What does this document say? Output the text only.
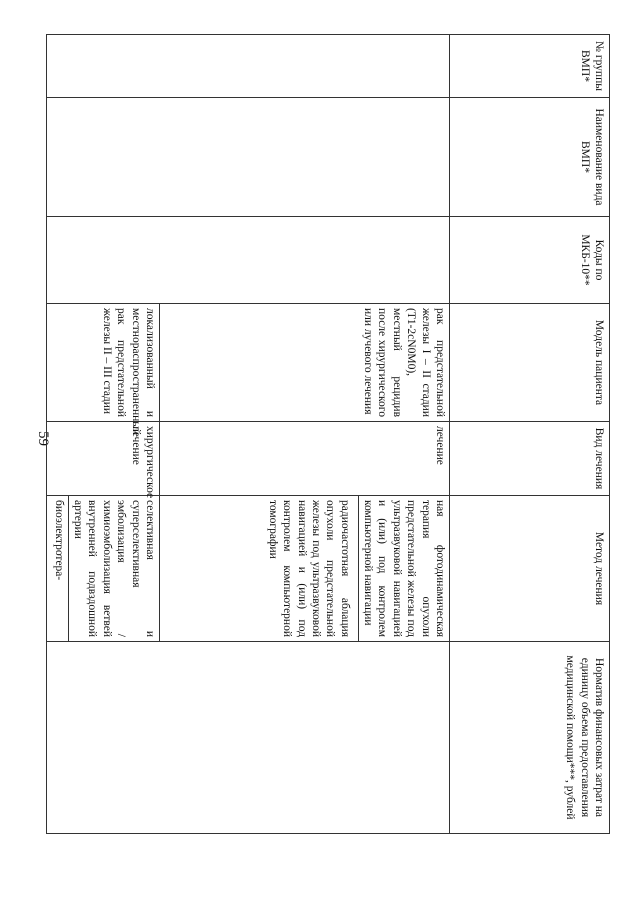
59
№ группы ВМП*	Наименование вида ВМП*	Коды по МКБ-10**	Модель пациента	Вид лечения	Метод лечения	Норматив финансовых затрат на единицу объема предоставления медицинской помощи***, рублей
			рак предстательной железы I – II стадии (T1-2cN0M0), местный рецидив после хирургического или лучевого лечения	лечение	ная фотодинамическая терапия опухоли предстательной железы под ультразвуковой навигацией и (или) под контролем компьютерной навигации
радиочастотная аблация опухоли предстательной железы под ультразвуковой навигацией и (или) под контролем компьютерной томографии	

			локализованный и местнораспространенный рак предстательной железы II – III стадии	хирургическое лечение	селективная и суперселективная эмболизация /химиоэмболизация ветвей внутренней подвздошной артерии
биоэлектротера-	
